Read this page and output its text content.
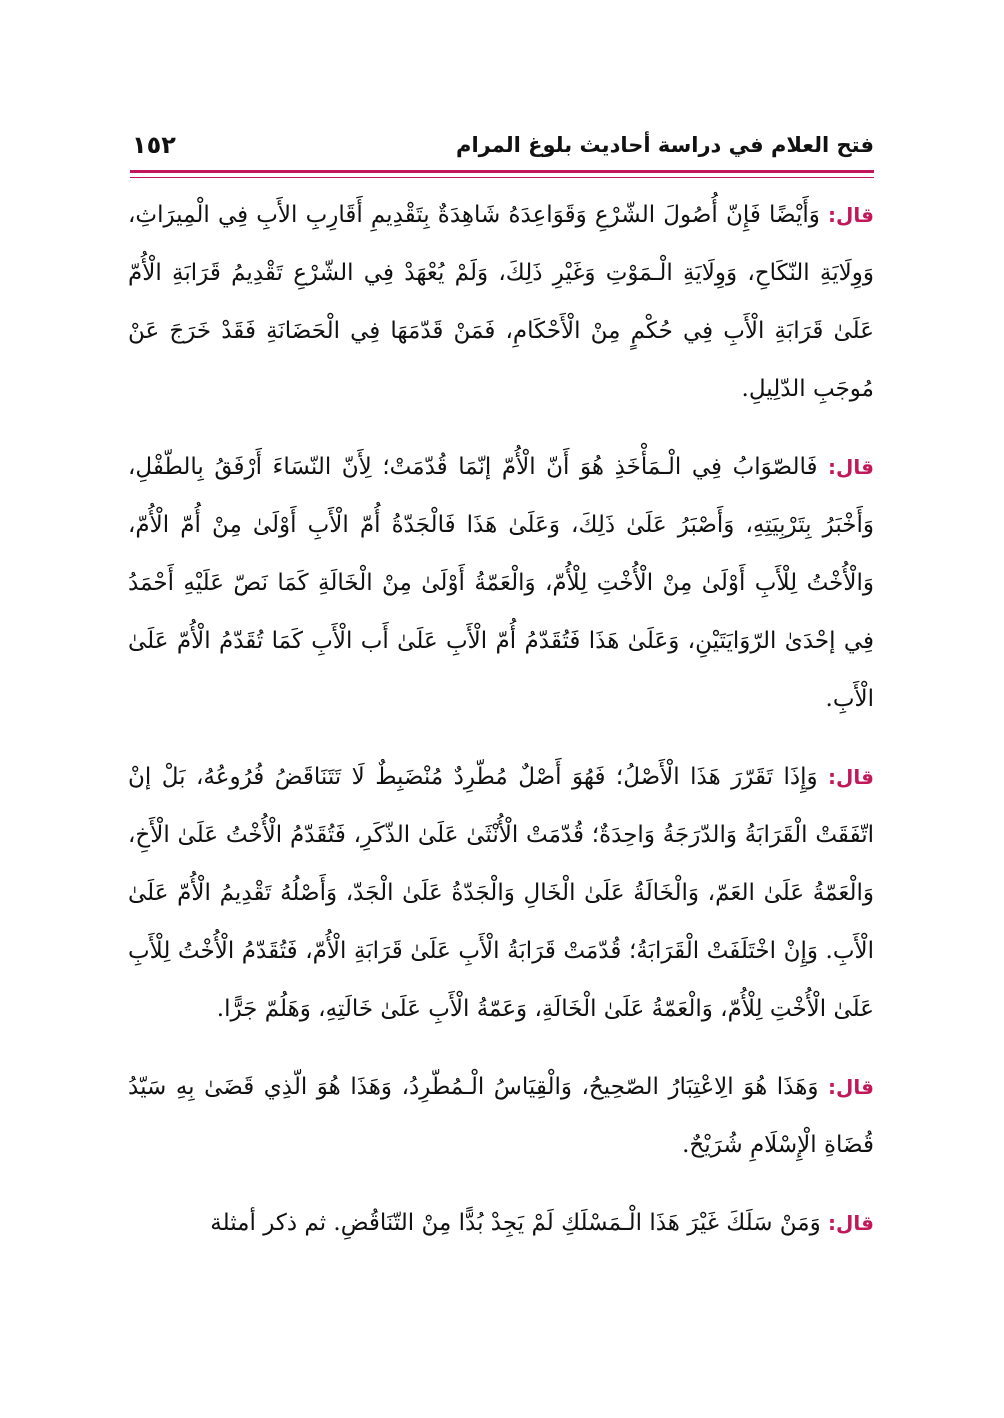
١٥٢	فتح العلام في دراسة أحاديث بلوغ المرام

قال: وَأَيْضًا فَإِنّ أُصُولَ الشّرْعِ وَقَوَاعِدَهُ شَاهِدَةٌ بِتَقْدِيمِ أَقَارِبِ الأَبِ فِي الْمِيرَاثِ، وَوِلَايَةِ النّكَاحِ، وَوِلَايَةِ الْـمَوْتِ وَغَيْرِ ذَلِكَ، وَلَمْ يُعْهَدْ فِي الشّرْعِ تَقْدِيمُ قَرَابَةِ الْأُمّ عَلَىٰ قَرَابَةِ الْأَبِ فِي حُكْمٍ مِنْ الْأَحْكَامِ، فَمَنْ قَدّمَهَا فِي الْحَضَانَةِ فَقَدْ خَرَجَ عَنْ مُوجَبِ الدّلِيلِ.

قال: فَالصّوَابُ فِي الْـمَأْخَذِ هُوَ أَنّ الْأُمّ إنّمَا قُدّمَتْ؛ لِأَنّ النّسَاءَ أَرْفَقُ بِالطّفْلِ، وَأَخْبَرُ بِتَرْبِيَتِهِ، وَأَصْبَرُ عَلَىٰ ذَلِكَ، وَعَلَىٰ هَذَا فَالْجَدّةُ أُمّ الْأَبِ أَوْلَىٰ مِنْ أُمّ الْأُمّ، وَالْأُخْتُ لِلْأَبِ أَوْلَىٰ مِنْ الْأُخْتِ لِلْأُمّ، وَالْعَمّةُ أَوْلَىٰ مِنْ الْخَالَةِ كَمَا نَصّ عَلَيْهِ أَحْمَدُ فِي إحْدَىٰ الرّوَايَتَيْنِ، وَعَلَىٰ هَذَا فَتُقَدّمُ أُمّ الْأَبِ عَلَىٰ أَب الْأَبِ كَمَا تُقَدّمُ الْأُمّ عَلَىٰ الْأَبِ.

قال: وَإِذَا تَقَرّرَ هَذَا الْأَصْلُ؛ فَهُوَ أَصْلٌ مُطّرِدٌ مُنْضَبِطٌ لَا تَتَنَاقَضُ فُرُوعُهُ، بَلْ إنْ اتّفَقَتْ الْقَرَابَةُ وَالدّرَجَةُ وَاحِدَةٌ؛ قُدّمَتْ الْأُنْثَىٰ عَلَىٰ الذّكَرِ، فَتُقَدّمُ الْأُخْتُ عَلَىٰ الْأَخِ، وَالْعَمّةُ عَلَىٰ العَمّ، وَالْخَالَةُ عَلَىٰ الْخَالِ وَالْجَدّةُ عَلَىٰ الْجَدّ، وَأَصْلُهُ تَقْدِيمُ الْأُمّ عَلَىٰ الْأَبِ. وَإِنْ اخْتَلَفَتْ الْقَرَابَةُ؛ قُدّمَتْ قَرَابَةُ الْأَبِ عَلَىٰ قَرَابَةِ الْأُمّ، فَتُقَدّمُ الْأُخْتُ لِلْأَبِ عَلَىٰ الْأُخْتِ لِلْأُمّ، وَالْعَمّةُ عَلَىٰ الْخَالَةِ، وَعَمّةُ الْأَبِ عَلَىٰ خَالَتِهِ، وَهَلُمّ جَرًّا.

قال: وَهَذَا هُوَ الِاعْتِبَارُ الصّحِيحُ، وَالْقِيَاسُ الْـمُطّرِدُ، وَهَذَا هُوَ الّذِي قَضَىٰ بِهِ سَيّدُ قُضَاةِ الْإِسْلَامِ شُرَيْحٌ.

قال: وَمَنْ سَلَكَ غَيْرَ هَذَا الْـمَسْلَكِ لَمْ يَجِدْ بُدًّا مِنْ التّنَاقُضِ. ثم ذكر أمثلة
